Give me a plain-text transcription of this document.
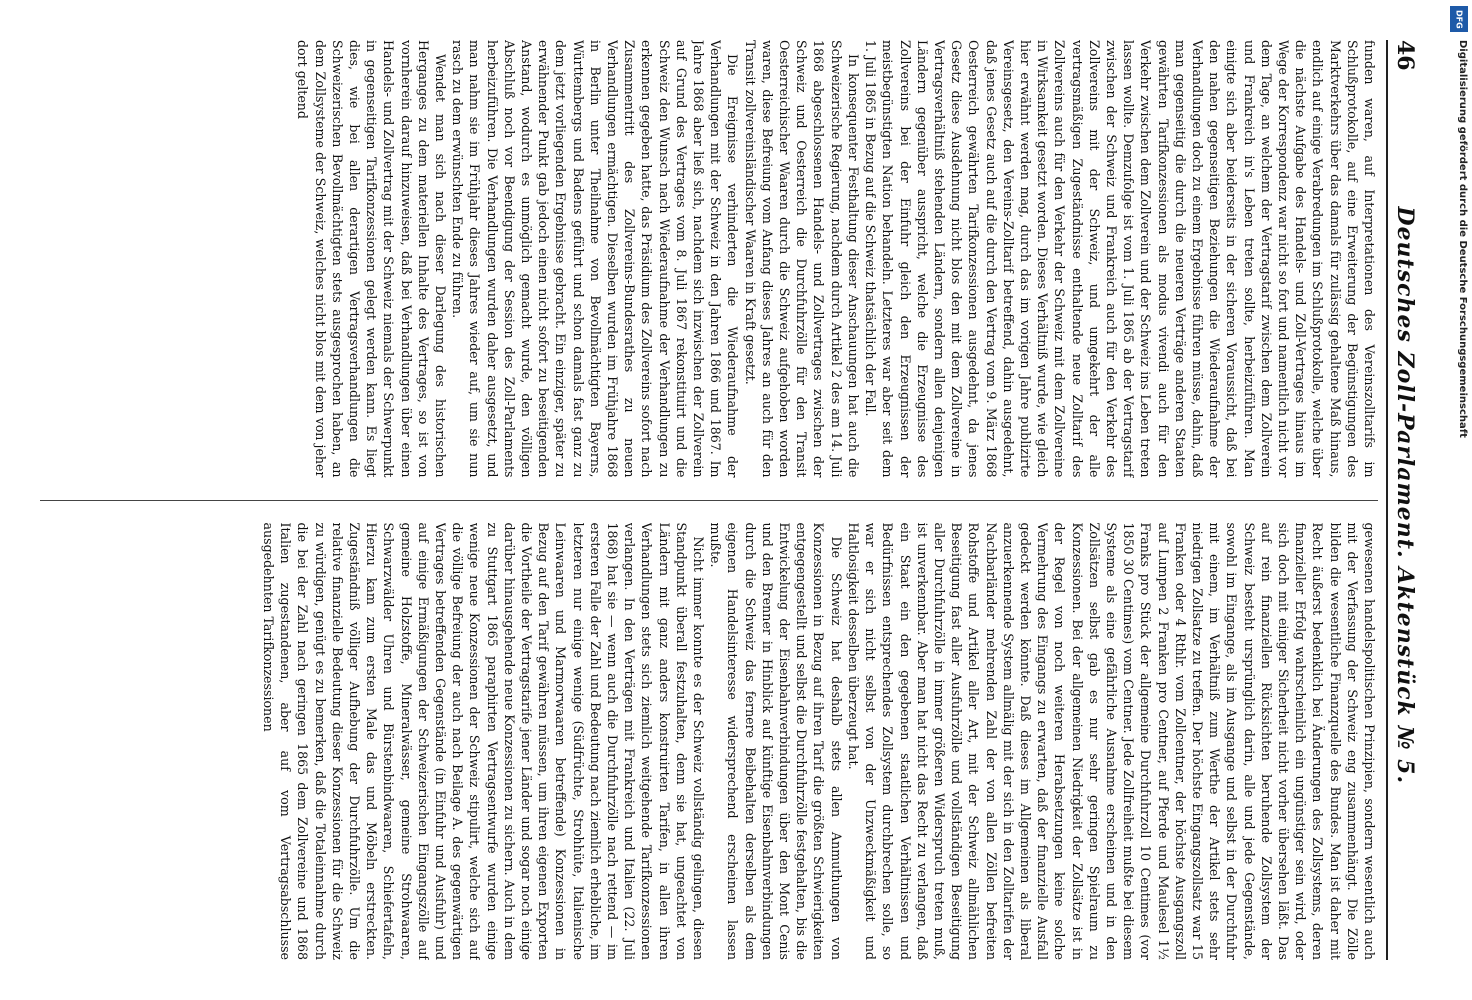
46
Deutsches Zoll-Parlament. Aktenstück № 5.

funden waren, auf Interpretationen des Vereinszolltarifs im Schlußprotokolle, auf eine Erweiterung der Begünstigungen des Marktverkehrs über das damals für zulässig gehaltene Maß hinaus, endlich auf einige Verabredungen im Schlußprotokolle, welche über die nächste Aufgabe des Handels- und Zoll-Vertrages hinaus im Wege der Korrespondenz war nicht so fort und namentlich nicht vor dem Tage, an welchem der Vertragstarif zwischen dem Zollverein und Frankreich in's Leben treten sollte, herbeizuführen. Man einigte sich aber beiderseits in der sicheren Voraussicht, daß bei den nahen gegenseitigen Beziehungen die Wiederaufnahme der Verhandlungen doch zu einem Ergebnisse führen müsse, dahin, daß man gegenseitig die durch die neueren Verträge anderen Staaten gewährten Tarifkonzessionen als modus vivendi auch für den Verkehr zwischen dem Zollverein und der Schweiz ins Leben treten lassen wollte. Demzufolge ist vom 1. Juli 1865 ab der Vertragstarif zwischen der Schweiz und Frankreich auch für den Verkehr des Zollvereins mit der Schweiz, und umgekehrt der alle vertragsmäßigen Zugeständnisse enthaltende neue Zolltarif des Zollvereins auch für den Verkehr der Schweiz mit dem Zollvereine in Wirksamkeit gesetzt worden. Dieses Verhältniß wurde, wie gleich hier erwähnt werden mag, durch das im vorigen Jahre publizirte Vereinsgesetz, den Vereins-Zolltarif betreffend, dahin ausgedehnt, daß jenes Gesetz auch auf die durch den Vertrag vom 9. März 1868 Oesterreich gewährten Tarifkonzessionen ausgedehnt, da jenes Gesetz diese Ausdehnung nicht blos den mit dem Zollvereine in Vertragsverhältniß stehenden Ländern, sondern allen denjenigen Ländern gegenüber ausspricht, welche die Erzeugnisse des Zollvereins bei der Einfuhr gleich den Erzeugnissen der meistbegünstigten Nation behandeln. Letzteres war aber seit dem 1. Juli 1865 in Bezug auf die Schweiz thatsächlich der Fall.

In konsequenter Festhaltung dieser Anschauungen hat auch die Schweizerische Regierung, nachdem durch Artikel 2 des am 14. Juli 1868 abgeschlossenen Handels- und Zollvertrages zwischen der Schweiz und Oesterreich die Durchfuhrzölle für den Transit Oesterreichischer Waaren durch die Schweiz aufgehoben worden waren, diese Befreiung vom Anfang dieses Jahres an auch für den Transit zollvereinsländischer Waaren in Kraft gesetzt.

Die Ereignisse verhinderten die Wiederaufnahme der Verhandlungen mit der Schweiz in den Jahren 1866 und 1867. Im Jahre 1868 aber ließ sich, nachdem sich inzwischen der Zollverein auf Grund des Vertrages vom 8. Juli 1867 rekonstituirt und die Schweiz den Wunsch nach Wiederaufnahme der Verhandlungen zu erkennen gegeben hatte, das Präsidium des Zollvereins sofort nach Zusammentritt des Zollvereins-Bundesrathes zu neuen Verhandlungen ermächtigen. Dieselben wurden im Frühjahre 1868 in Berlin unter Theilnahme von Bevollmächtigten Bayerns, Württembergs und Badens geführt und schon damals fast ganz zu dem jetzt vorliegenden Ergebnisse gebracht. Ein einziger, später zu erwähnender Punkt gab jedoch einen nicht sofort zu beseitigenden Anstand, wodurch es unmöglich gemacht wurde, den völligen Abschluß noch vor Beendigung der Session des Zoll-Parlaments herbeizuführen. Die Verhandlungen wurden daher ausgesetzt, und man nahm sie im Frühjahr dieses Jahres wieder auf, um sie nun rasch zu dem erwünschten Ende zu führen.

Wendet man sich nach dieser Darlegung des historischen Herganges zu dem materiellen Inhalte des Vertrages, so ist von vornherein darauf hinzuweisen, daß bei Verhandlungen über einen Handels- und Zollvertrag mit der Schweiz niemals der Schwerpunkt in gegenseitigen Tarifkonzessionen gelegt werden kann. Es liegt dies, wie bei allen derartigen Vertragsverhandlungen die Schweizerischen Bevollmächtigten stets ausgesprochen haben, an dem Zollsysteme der Schweiz, welches nicht blos mit dem von jeher dort geltend

gewesenen handelspolitischen Prinzipien, sondern wesentlich auch mit der Verfassung der Schweiz eng zusammenhängt. Die Zölle bilden die wesentliche Finanzquelle des Bundes. Man ist daher mit Recht äußerst bedenklich bei Änderungen des Zollsystems, deren finanzieller Erfolg wahrscheinlich ein ungünstiger sein wird, oder sich doch mit einiger Sicherheit nicht vorher übersehen läßt. Das auf rein finanziellen Rücksichten beruhende Zollsystem der Schweiz besteht ursprünglich darin, alle und jede Gegenstände, sowohl im Eingange, als im Ausgange und selbst in der Durchfuhr mit einem, im Verhältniß zum Werthe der Artikel stets sehr niedrigen Zollsatze zu treffen. Der höchste Eingangszollsatz war 15 Franken oder 4 Rthlr. vom Zollcentner, der höchste Ausgangszoll auf Lumpen 2 Franken pro Centner, auf Pferde und Maulesel 1½ Franks pro Stück der allgemeine Durchfuhrzoll 10 Centimes (vor 1850 30 Centimes) vom Centner. Jede Zollfreiheit mußte bei diesem Systeme als eine gefährliche Ausnahme erscheinen und in den Zollsätzen selbst gab es nur sehr geringen Spielraum zu Konzessionen. Bei der allgemeinen Niedrigkeit der Zollsätze ist in der Regel von noch weiteren Herabsetzungen keine solche Vermehrung des Eingangs zu erwarten, daß der finanzielle Ausfall gedeckt werden könnte. Daß dieses im Allgemeinen als liberal anzuerkennende System allmälig mit der sich in den Zolltarifen der Nachbarländer mehrenden Zahl der von allen Zöllen befreiten Rohstoffe und Artikel aller Art, mit der Schweiz allmählichen Beseitigung fast aller Ausfuhrzölle und vollständigen Beseitigung aller Durchfuhrzölle in immer größeren Widerspruch treten muß, ist unverkennbar. Aber man hat nicht das Recht zu verlangen, daß ein Staat ein den gegebenen staatlichen Verhältnissen und Bedürfnissen entsprechendes Zollsystem durchbrechen solle, so war er sich nicht selbst von der Unzweckmäßigkeit und Haltlosigkeit desselben überzeugt hat.

Die Schweiz hat deshalb stets allen Anmuthungen von Konzessionen in Bezug auf ihren Tarif die größten Schwierigkeiten entgegengestellt und selbst die Durchfuhrzölle festgehalten, bis die Entwickelung der Eisenbahnverbindungen über den Mont Cenis und den Brenner in Hinblick auf künftige Eisenbahnverbindungen durch die Schweiz das fernere Beibehalten derselben als dem eigenen Handelsinteresse widersprechend erscheinen lassen mußte.

Nicht immer konnte es der Schweiz vollständig gelingen, diesen Standpunkt überall festzuhalten, denn sie hat, ungeachtet von Ländern mit ganz anders konstruirten Tarifen, in allen ihren Verhandlungen stets sich ziemlich weitgehende Tarifkonzessionen verlangen. In den Verträgen mit Frankreich und Italien (22. Juli 1868) hat sie — wenn auch die Durchfuhrzölle nach rettend — im ersteren Falle der Zahl und Bedeutung nach ziemlich erhebliche, im letzteren nur einige wenige (Südfrüchte, Strohhüte, Italienische Leinwaaren und Marmorwaaren betreffende) Konzessionen in Bezug auf den Tarif gewähren müssen, um ihren eigenen Exporten die Vortheile der Vertragstarife jener Länder und sogar noch einige darüber hinausgehende neue Konzessionen zu sichern. Auch in dem zu Stuttgart 1865 paraphirten Vertragsentwurfe wurden einige wenige neue Konzessionen der Schweiz stipulirt, welche sich auf die völlige Befreiung der auch nach Beilage A. des gegenwärtigen Vertrages betreffenden Gegenstände (in Einfuhr und Ausfuhr) und auf einige Ermäßigungen der Schweizerischen Eingangszölle auf gemeine Holzstoffe, Mineralwässer, gemeine Strohwaaren, Schwarzwälder Uhren und Bürstenbindwaaren, Schiefertafeln, Hierzu kam zum ersten Male das und Möbeln erstreckten. Zugeständniß völliger Aufhebung der Durchfuhrzölle. Um die relative finanzielle Bedeutung dieser Konzessionen für die Schweiz zu würdigen, genügt es zu bemerken, daß die Totaleinnahme durch die bei der Zahl nach geringen 1865 dem Zollvereine und 1868 Italien zugestandenen, aber auf vom Vertragsabschlusse ausgedehnten Tarifkonzessionen

DFG
Digitalisierung gefördert durch die Deutsche Forschungsgemeinschaft
